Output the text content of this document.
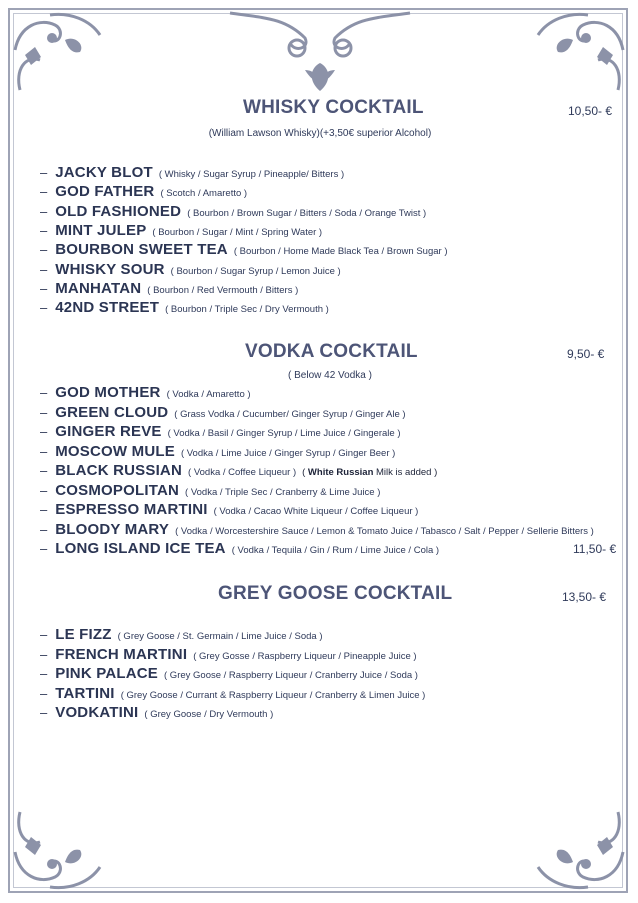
WHISKY COCKTAIL	10,50- €
(William Lawson Whisky)(+3,50€ superior Alcohol)
– JACKY BLOT ( Whisky / Sugar Syrup / Pineapple/ Bitters )
– GOD FATHER ( Scotch / Amaretto )
– OLD FASHIONED ( Bourbon / Brown Sugar / Bitters / Soda / Orange Twist )
– MINT JULEP ( Bourbon / Sugar / Mint / Spring Water )
– BOURBON SWEET TEA ( Bourbon / Home Made Black Tea / Brown Sugar )
– WHISKY SOUR ( Bourbon / Sugar Syrup / Lemon Juice )
– MANHATAN ( Bourbon / Red Vermouth / Bitters )
– 42ND STREET ( Bourbon / Triple Sec / Dry Vermouth )
VODKA COCKTAIL	9,50- €
( Below 42 Vodka )
– GOD MOTHER ( Vodka / Amaretto )
– GREEN CLOUD ( Grass Vodka / Cucumber/ Ginger Syrup / Ginger Ale )
– GINGER REVE ( Vodka / Basil / Ginger Syrup / Lime Juice / Gingerale )
– MOSCOW MULE ( Vodka / Lime Juice / Ginger Syrup / Ginger Beer )
– BLACK RUSSIAN ( Vodka / Coffee Liqueur ) ( White Russian Milk is added )
– COSMOPOLITAN ( Vodka / Triple Sec / Cranberry & Lime Juice )
– ESPRESSO MARTINI ( Vodka / Cacao White Liqueur / Coffee Liqueur )
– BLOODY MARY ( Vodka / Worcestershire Sauce / Lemon & Tomato Juice / Tabasco / Salt / Pepper / Sellerie Bitters )
– LONG ISLAND ICE TEA ( Vodka / Tequila / Gin / Rum / Lime Juice / Cola )	11,50- €
GREY GOOSE COCKTAIL	13,50- €
– LE FIZZ ( Grey Goose / St. Germain / Lime Juice / Soda )
– FRENCH MARTINI ( Grey Gosse / Raspberry Liqueur / Pineapple Juice )
– PINK PALACE ( Grey Goose / Raspberry Liqueur / Cranberry Juice / Soda )
– TARTINI ( Grey Goose / Currant & Raspberry Liqueur / Cranberry & Limen Juice )
– VODKATINI ( Grey Goose / Dry Vermouth )
